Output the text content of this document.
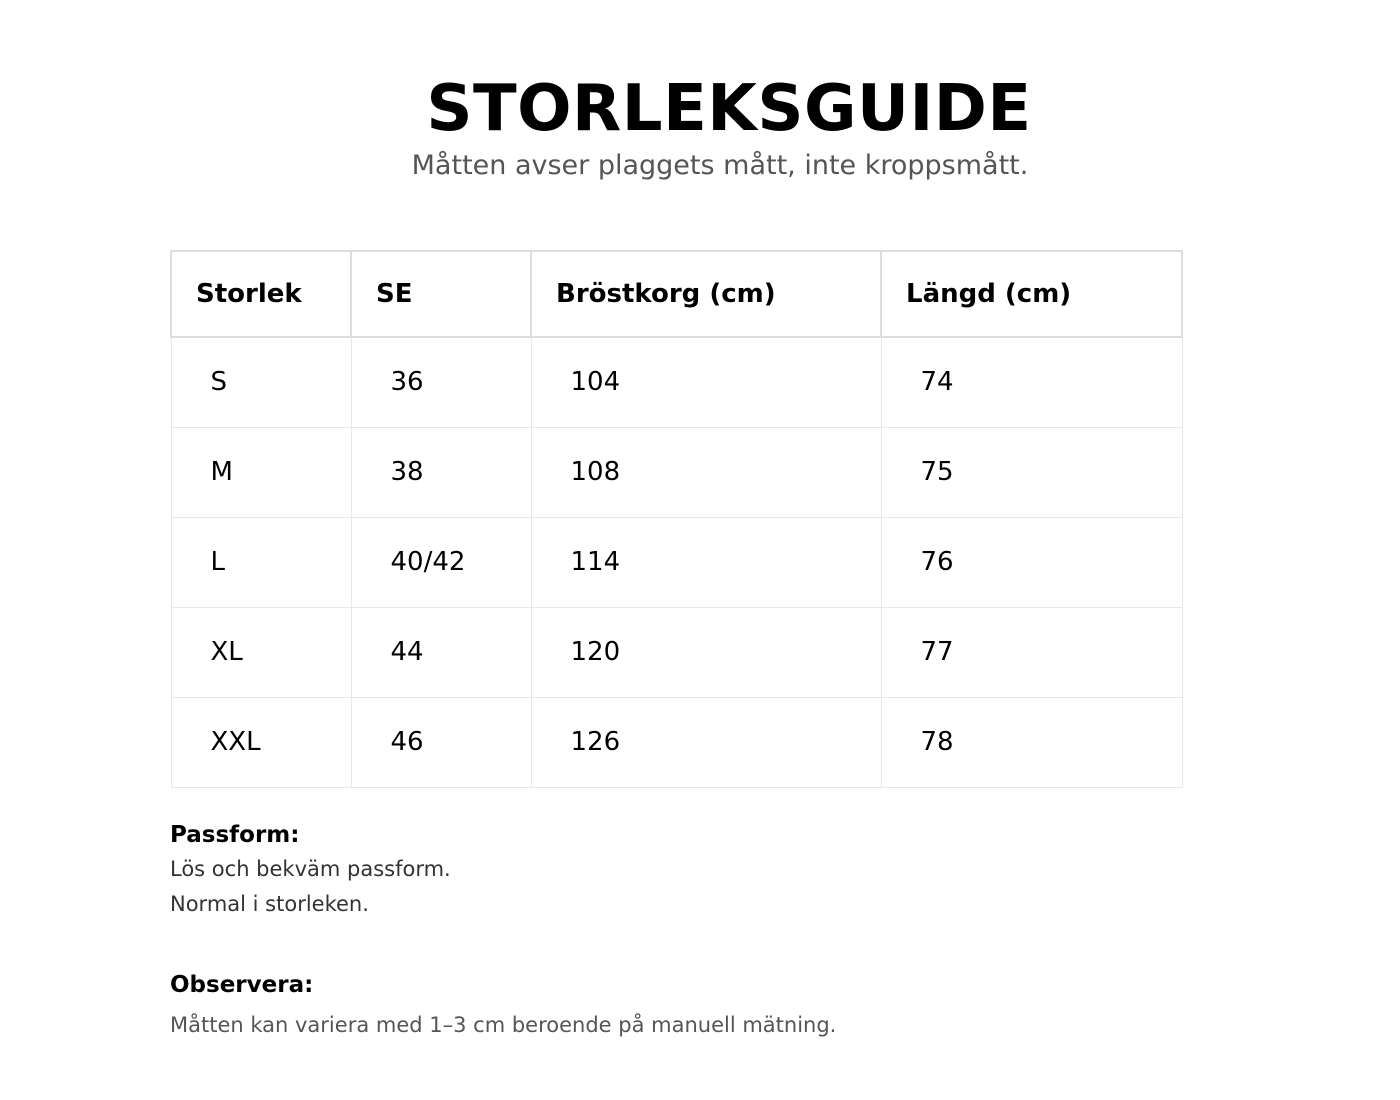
STORLEKSGUIDE

Måtten avser plaggets mått, inte kroppsmått.

Storlek	SE	Bröstkorg (cm)	Längd (cm)
S	36	104	74
M	38	108	75
L	40/42	114	76
XL	44	120	77
XXL	46	126	78

Passform:

Lös och bekväm passform.

Normal i storleken.

Observera:

Måtten kan variera med 1–3 cm beroende på manuell mätning.
